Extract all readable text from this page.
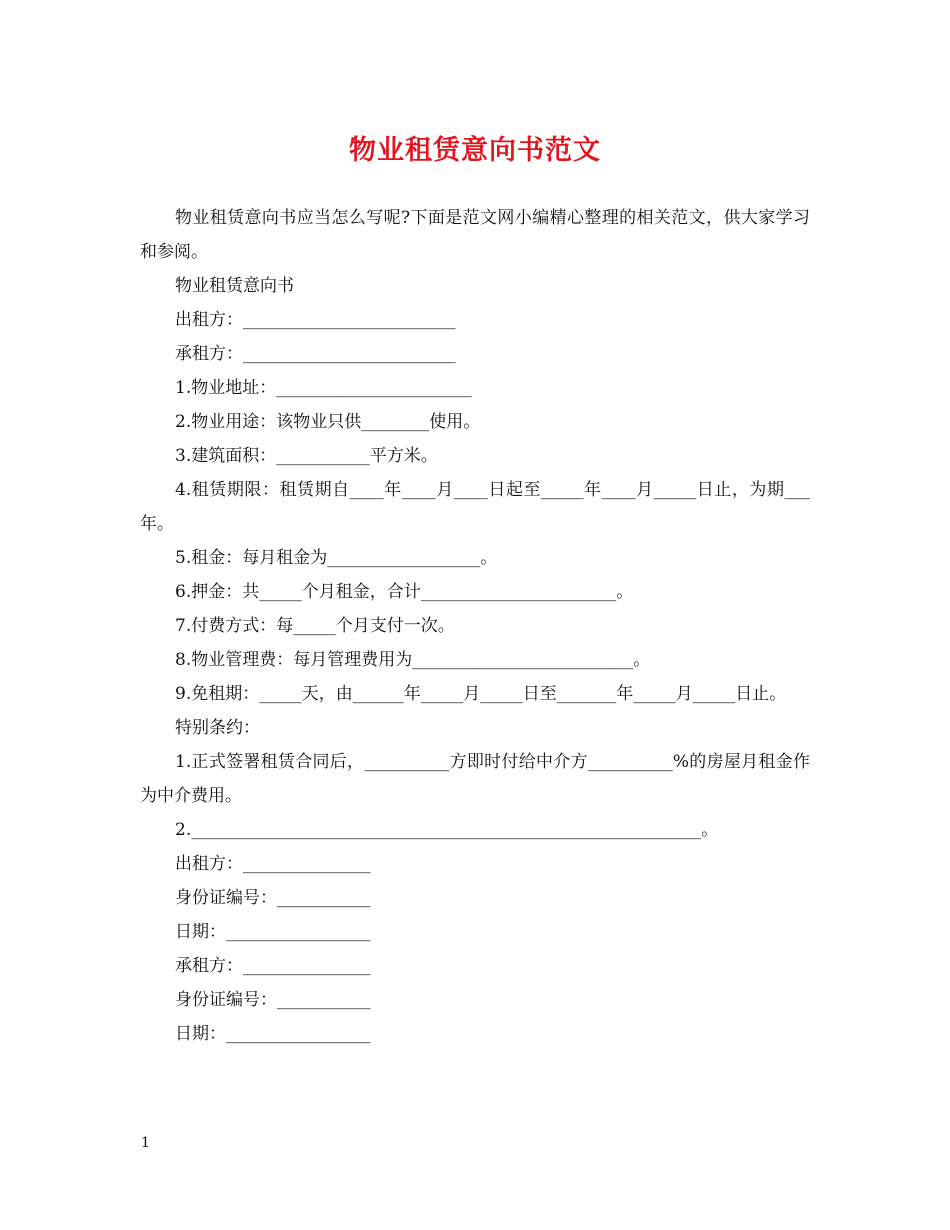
物业租赁意向书范文

物业租赁意向书应当怎么写呢?下面是范文网小编精心整理的相关范文，供大家学习和参阅。

物业租赁意向书

出租方：_________________________

承租方：_________________________

1.物业地址：_______________________

2.物业用途：该物业只供________使用。

3.建筑面积：___________平方米。

4.租赁期限：租赁期自____年____月____日起至_____年____月_____日止，为期___年。

5.租金：每月租金为__________________。

6.押金：共_____个月租金，合计_______________________。

7.付费方式：每_____个月支付一次。

8.物业管理费：每月管理费用为__________________________。

9.免租期：_____天，由______年_____月_____日至_______年_____月_____日止。

特别条约：

1.正式签署租赁合同后，__________方即时付给中介方__________%的房屋月租金作为中介费用。

2.____________________________________________________________。

出租方：_______________

身份证编号：___________

日期：_________________

承租方：_______________

身份证编号：___________

日期：_________________

1
